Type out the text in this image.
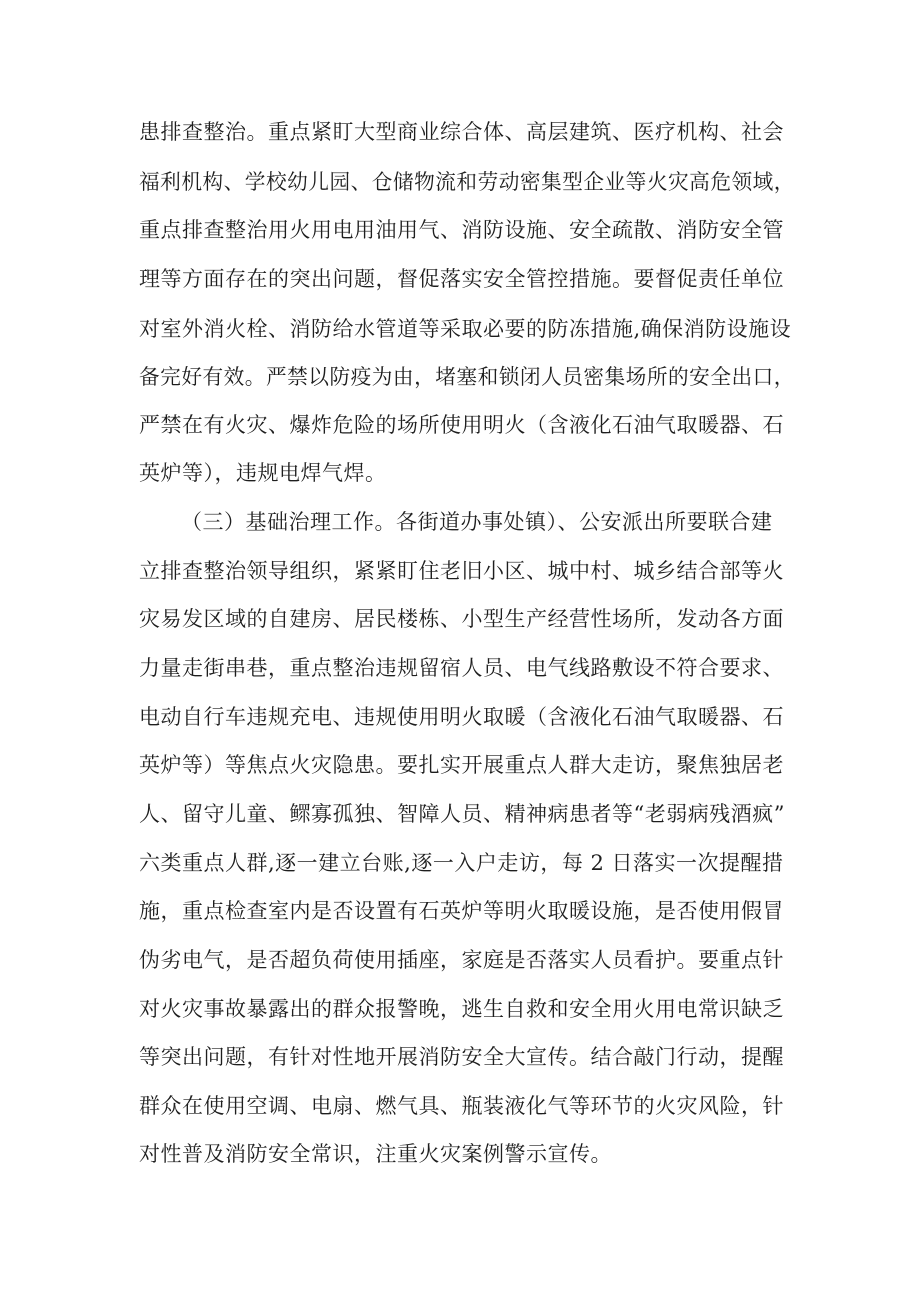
患排查整治。重点紧盯大型商业综合体、高层建筑、医疗机构、社会
福利机构、学校幼儿园、仓储物流和劳动密集型企业等火灾高危领域，
重点排查整治用火用电用油用气、消防设施、安全疏散、消防安全管
理等方面存在的突出问题，督促落实安全管控措施。要督促责任单位
对室外消火栓、消防给水管道等采取必要的防冻措施,确保消防设施设
备完好有效。严禁以防疫为由，堵塞和锁闭人员密集场所的安全出口，
严禁在有火灾、爆炸危险的场所使用明火（含液化石油气取暖器、石
英炉等），违规电焊气焊。
（三）基础治理工作。各街道办事处镇）、公安派出所要联合建
立排查整治领导组织，紧紧盯住老旧小区、城中村、城乡结合部等火
灾易发区域的自建房、居民楼栋、小型生产经营性场所，发动各方面
力量走街串巷，重点整治违规留宿人员、电气线路敷设不符合要求、
电动自行车违规充电、违规使用明火取暖（含液化石油气取暖器、石
英炉等）等焦点火灾隐患。要扎实开展重点人群大走访，聚焦独居老
人、留守儿童、鳏寡孤独、智障人员、精神病患者等“老弱病残酒疯”
六类重点人群,逐一建立台账,逐一入户走访，每 2 日落实一次提醒措
施，重点检查室内是否设置有石英炉等明火取暖设施，是否使用假冒
伪劣电气，是否超负荷使用插座，家庭是否落实人员看护。要重点针
对火灾事故暴露出的群众报警晚，逃生自救和安全用火用电常识缺乏
等突出问题，有针对性地开展消防安全大宣传。结合敲门行动，提醒
群众在使用空调、电扇、燃气具、瓶装液化气等环节的火灾风险，针
对性普及消防安全常识，注重火灾案例警示宣传。
